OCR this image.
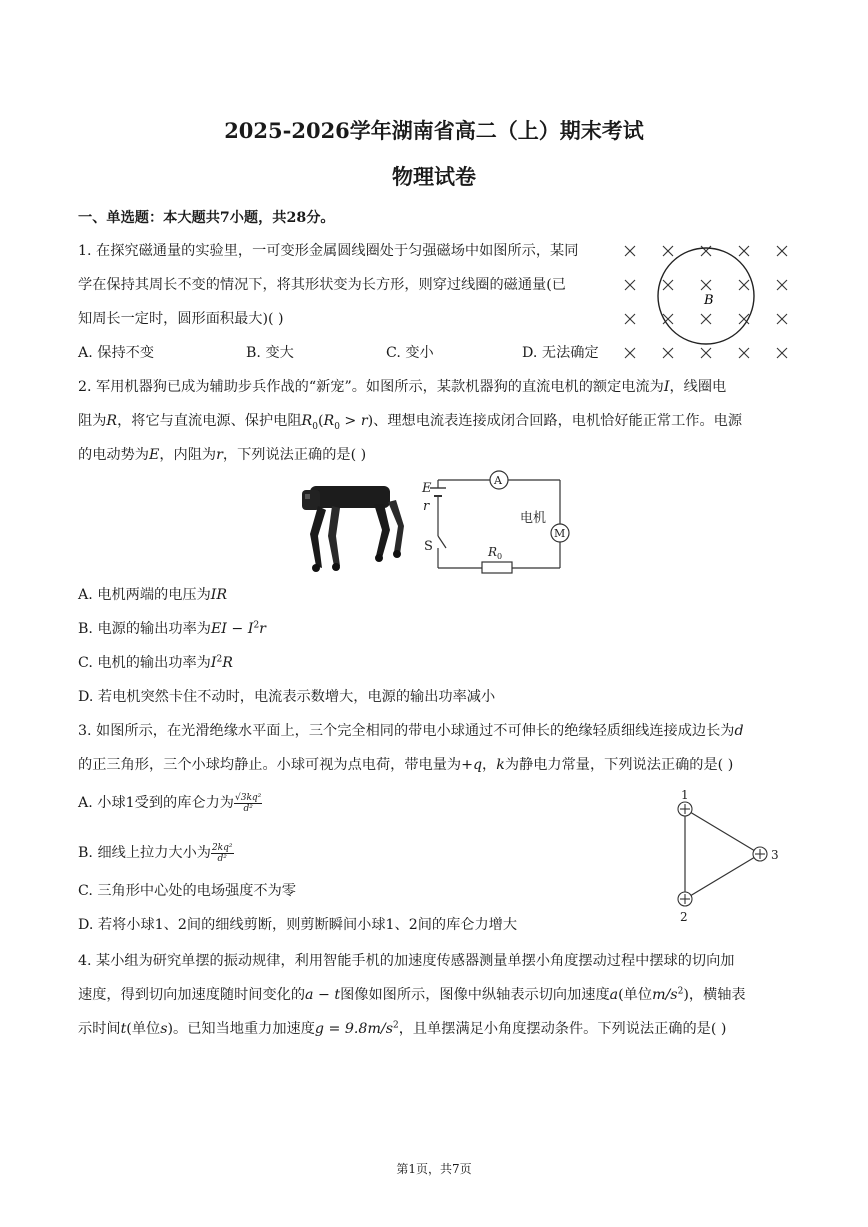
2025-2026学年湖南省高二（上）期末考试
物理试卷
一、单选题：本大题共7小题，共28分。
1. 在探究磁通量的实验里，一可变形金属圆线圈处于匀强磁场中如图所示，某同
学在保持其周长不变的情况下，将其形状变为长方形，则穿过线圈的磁通量(已
知周长一定时，圆形面积最大)( )
A. 保持不变	B. 变大	C. 变小	D. 无法确定
B
2. 军用机器狗已成为辅助步兵作战的“新宠”。如图所示，某款机器狗的直流电机的额定电流为I，线圈电
阻为R，将它与直流电源、保护电阻$R_0(R_0 > r)$、理想电流表连接成闭合回路，电机恰好能正常工作。电源
的电动势为E，内阻为r，下列说法正确的是( )
E
r
A
电机
M
S	R 0
A. 电机两端的电压为IR
B. 电源的输出功率为EI − $I^2r$
C. 电机的输出功率为$I^2R$
D. 若电机突然卡住不动时，电流表示数增大，电源的输出功率减小
3. 如图所示，在光滑绝缘水平面上，三个完全相同的带电小球通过不可伸长的绝缘轻质细线连接成边长为d
的正三角形，三个小球均静止。小球可视为点电荷，带电量为+q，k为静电力常量，下列说法正确的是( )
A. 小球1受到的库仑力为 $\frac{\text{√3kq²}}{\text{d²}}$
B. 细线上拉力大小为 $\frac{\text{2kq²}}{\text{d²}}$
C. 三角形中心处的电场强度不为零
D. 若将小球1、2间的细线剪断，则剪断瞬间小球1、2间的库仑力增大
1
2
3
4. 某小组为研究单摆的振动规律，利用智能手机的加速度传感器测量单摆小角度摆动过程中摆球的切向加
速度，得到切向加速度随时间变化的a − t图像如图所示，图像中纵轴表示切向加速度a(单位$m/s^2$)，横轴表
示时间t(单位s)。已知当地重力加速度$g = 9.8m/s^2$，且单摆满足小角度摆动条件。下列说法正确的是( )
第1页，共7页
